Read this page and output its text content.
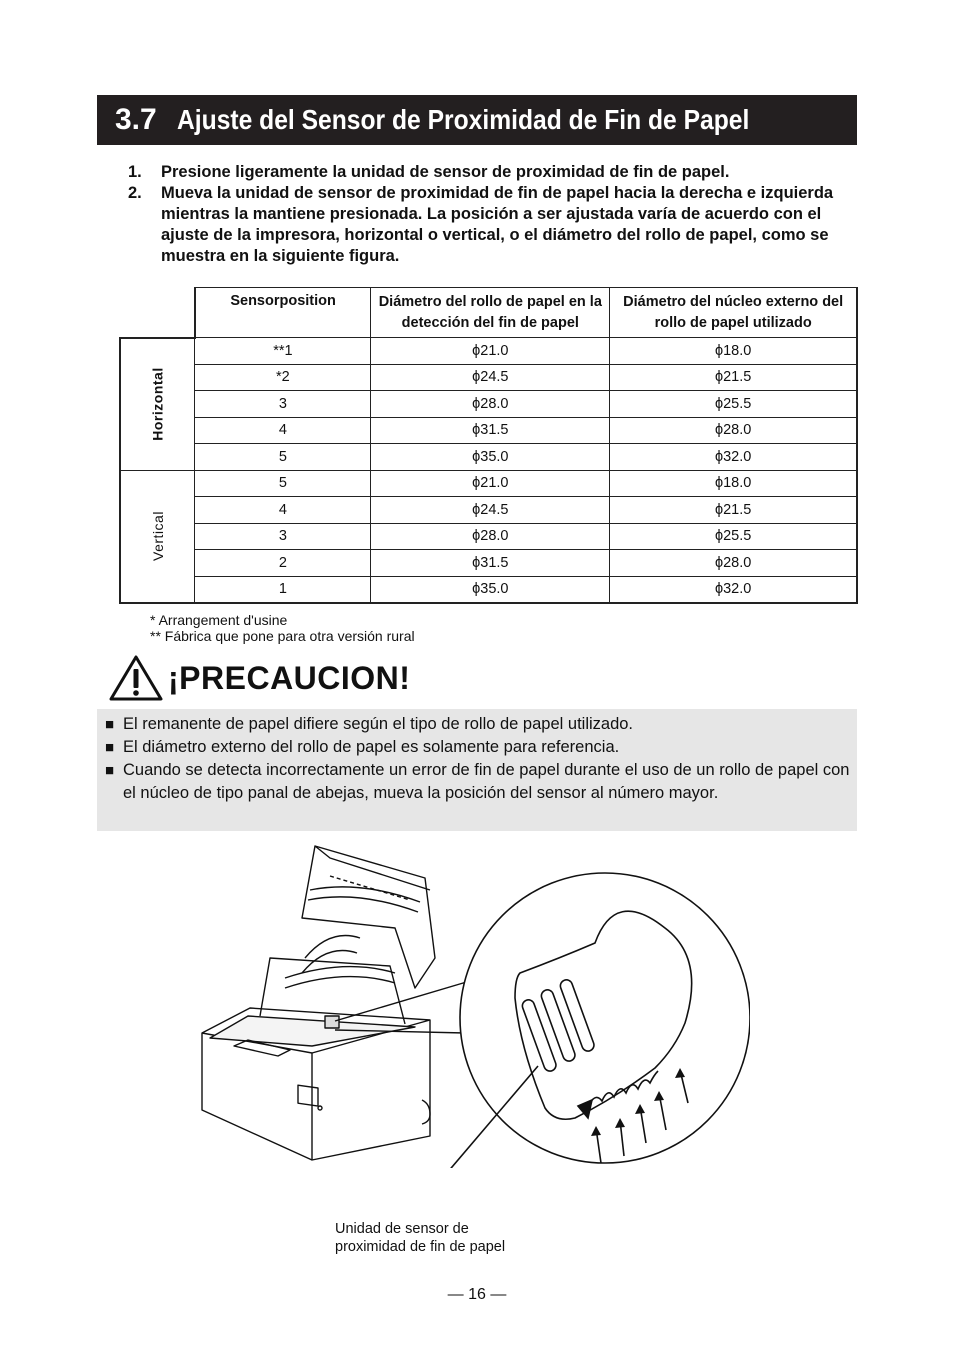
3.7 Ajuste del Sensor de Proximidad de Fin de Papel
1.	Presione ligeramente la unidad de sensor de proximidad de fin de papel.
2.	Mueva la unidad de sensor de proximidad de fin de papel hacia la derecha e izquierda mientras la mantiene presionada. La posición a ser ajustada varía de acuerdo con el ajuste de la impresora, horizontal o vertical, o el diámetro del rollo de papel, como se muestra en la siguiente figura.
	Sensorposition	Diámetro del rollo de papel en la detección del fin de papel	Diámetro del núcleo externo del rollo de papel utilizado
Horizontal	**1	ϕ21.0	ϕ18.0
	*2	ϕ24.5	ϕ21.5
	3	ϕ28.0	ϕ25.5
	4	ϕ31.5	ϕ28.0
	5	ϕ35.0	ϕ32.0
Vertical	5	ϕ21.0	ϕ18.0
	4	ϕ24.5	ϕ21.5
	3	ϕ28.0	ϕ25.5
	2	ϕ31.5	ϕ28.0
	1	ϕ35.0	ϕ32.0
* Arrangement d'usine
** Fábrica que pone para otra versión rural
¡PRECAUCION!
■ El remanente de papel difiere según el tipo de rollo de papel utilizado.
■ El diámetro externo del rollo de papel es solamente para referencia.
■ Cuando se detecta incorrectamente un error de fin de papel durante el uso de un rollo de papel con el núcleo de tipo panal de abejas, mueva la posición del sensor al número mayor.
Unidad de sensor de
proximidad de fin de papel
— 16 —
